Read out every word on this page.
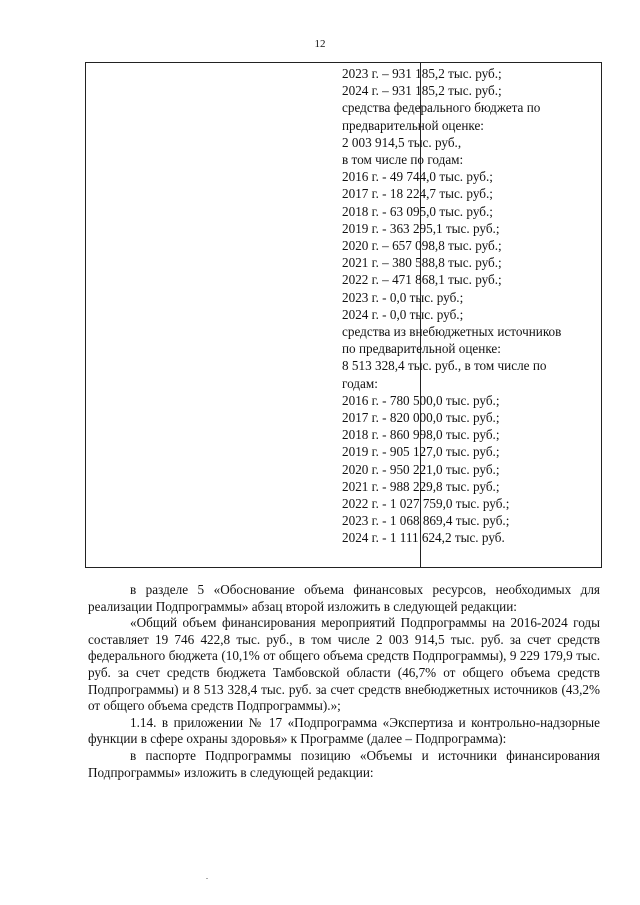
12
2023 г. – 931 185,2 тыс. руб.;
2024 г. – 931 185,2 тыс. руб.;
средства федерального бюджета по
предварительной оценке:
2 003 914,5 тыс. руб.,
в том числе по годам:
2016 г. - 49 744,0 тыс. руб.;
2017 г. - 18 224,7 тыс. руб.;
2018 г. - 63 095,0 тыс. руб.;
2019 г. - 363 295,1 тыс. руб.;
2020 г. – 657 098,8 тыс. руб.;
2021 г. – 380 588,8 тыс. руб.;
2022 г. – 471 868,1 тыс. руб.;
2023 г. - 0,0 тыс. руб.;
2024 г. - 0,0 тыс. руб.;
средства из внебюджетных источников
по предварительной оценке:
8 513 328,4 тыс. руб., в том числе по
годам:
2016 г. - 780 500,0 тыс. руб.;
2017 г. - 820 000,0 тыс. руб.;
2018 г. - 860 998,0 тыс. руб.;
2019 г. - 905 127,0 тыс. руб.;
2020 г. - 950 221,0 тыс. руб.;
2021 г. - 988 229,8 тыс. руб.;
2022 г. - 1 027 759,0 тыс. руб.;
2023 г. - 1 068 869,4 тыс. руб.;
2024 г. - 1 111 624,2 тыс. руб.

в разделе 5 «Обоснование объема финансовых ресурсов, необходимых для реализации Подпрограммы» абзац второй изложить в следующей редакции:

«Общий объем финансирования мероприятий Подпрограммы на 2016-2024 годы составляет 19 746 422,8 тыс. руб., в том числе 2 003 914,5 тыс. руб. за счет средств федерального бюджета (10,1% от общего объема средств Подпрограммы), 9 229 179,9 тыс. руб. за счет средств бюджета Тамбовской области (46,7% от общего объема средств Подпрограммы) и 8 513 328,4 тыс. руб. за счет средств внебюджетных источников (43,2% от общего объема средств Подпрограммы).»;

1.14. в приложении № 17 «Подпрограмма «Экспертиза и контрольно-надзорные функции в сфере охраны здоровья» к Программе (далее – Подпрограмма):

в паспорте Подпрограммы позицию «Объемы и источники финансирования Подпрограммы» изложить в следующей редакции:
